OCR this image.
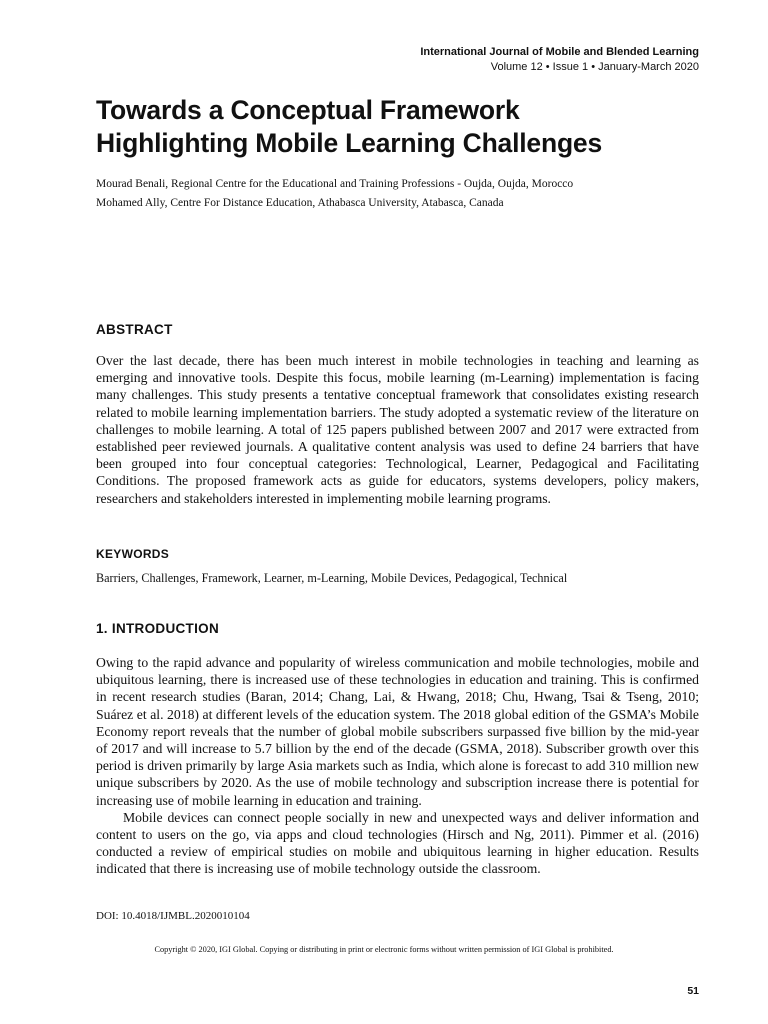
International Journal of Mobile and Blended Learning
Volume 12 • Issue 1 • January-March 2020
Towards a Conceptual Framework
Highlighting Mobile Learning Challenges
Mourad Benali, Regional Centre for the Educational and Training Professions - Oujda, Oujda, Morocco
Mohamed Ally, Centre For Distance Education, Athabasca University, Atabasca, Canada
ABSTRACT

Over the last decade, there has been much interest in mobile technologies in teaching and learning as emerging and innovative tools. Despite this focus, mobile learning (m-Learning) implementation is facing many challenges. This study presents a tentative conceptual framework that consolidates existing research related to mobile learning implementation barriers. The study adopted a systematic review of the literature on challenges to mobile learning. A total of 125 papers published between 2007 and 2017 were extracted from established peer reviewed journals. A qualitative content analysis was used to define 24 barriers that have been grouped into four conceptual categories: Technological, Learner, Pedagogical and Facilitating Conditions. The proposed framework acts as guide for educators, systems developers, policy makers, researchers and stakeholders interested in implementing mobile learning programs.

KEYWORDS
Barriers, Challenges, Framework, Learner, m-Learning, Mobile Devices, Pedagogical, Technical
1. INTRODUCTION

Owing to the rapid advance and popularity of wireless communication and mobile technologies, mobile and ubiquitous learning, there is increased use of these technologies in education and training. This is confirmed in recent research studies (Baran, 2014; Chang, Lai, & Hwang, 2018; Chu, Hwang, Tsai & Tseng, 2010; Suárez et al. 2018) at different levels of the education system. The 2018 global edition of the GSMA’s Mobile Economy report reveals that the number of global mobile subscribers surpassed five billion by the mid-year of 2017 and will increase to 5.7 billion by the end of the decade (GSMA, 2018). Subscriber growth over this period is driven primarily by large Asia markets such as India, which alone is forecast to add 310 million new unique subscribers by 2020. As the use of mobile technology and subscription increase there is potential for increasing use of mobile learning in education and training.

Mobile devices can connect people socially in new and unexpected ways and deliver information and content to users on the go, via apps and cloud technologies (Hirsch and Ng, 2011). Pimmer et al. (2016) conducted a review of empirical studies on mobile and ubiquitous learning in higher education. Results indicated that there is increasing use of mobile technology outside the classroom.

DOI: 10.4018/IJMBL.2020010104
Copyright © 2020, IGI Global. Copying or distributing in print or electronic forms without written permission of IGI Global is prohibited.
51
